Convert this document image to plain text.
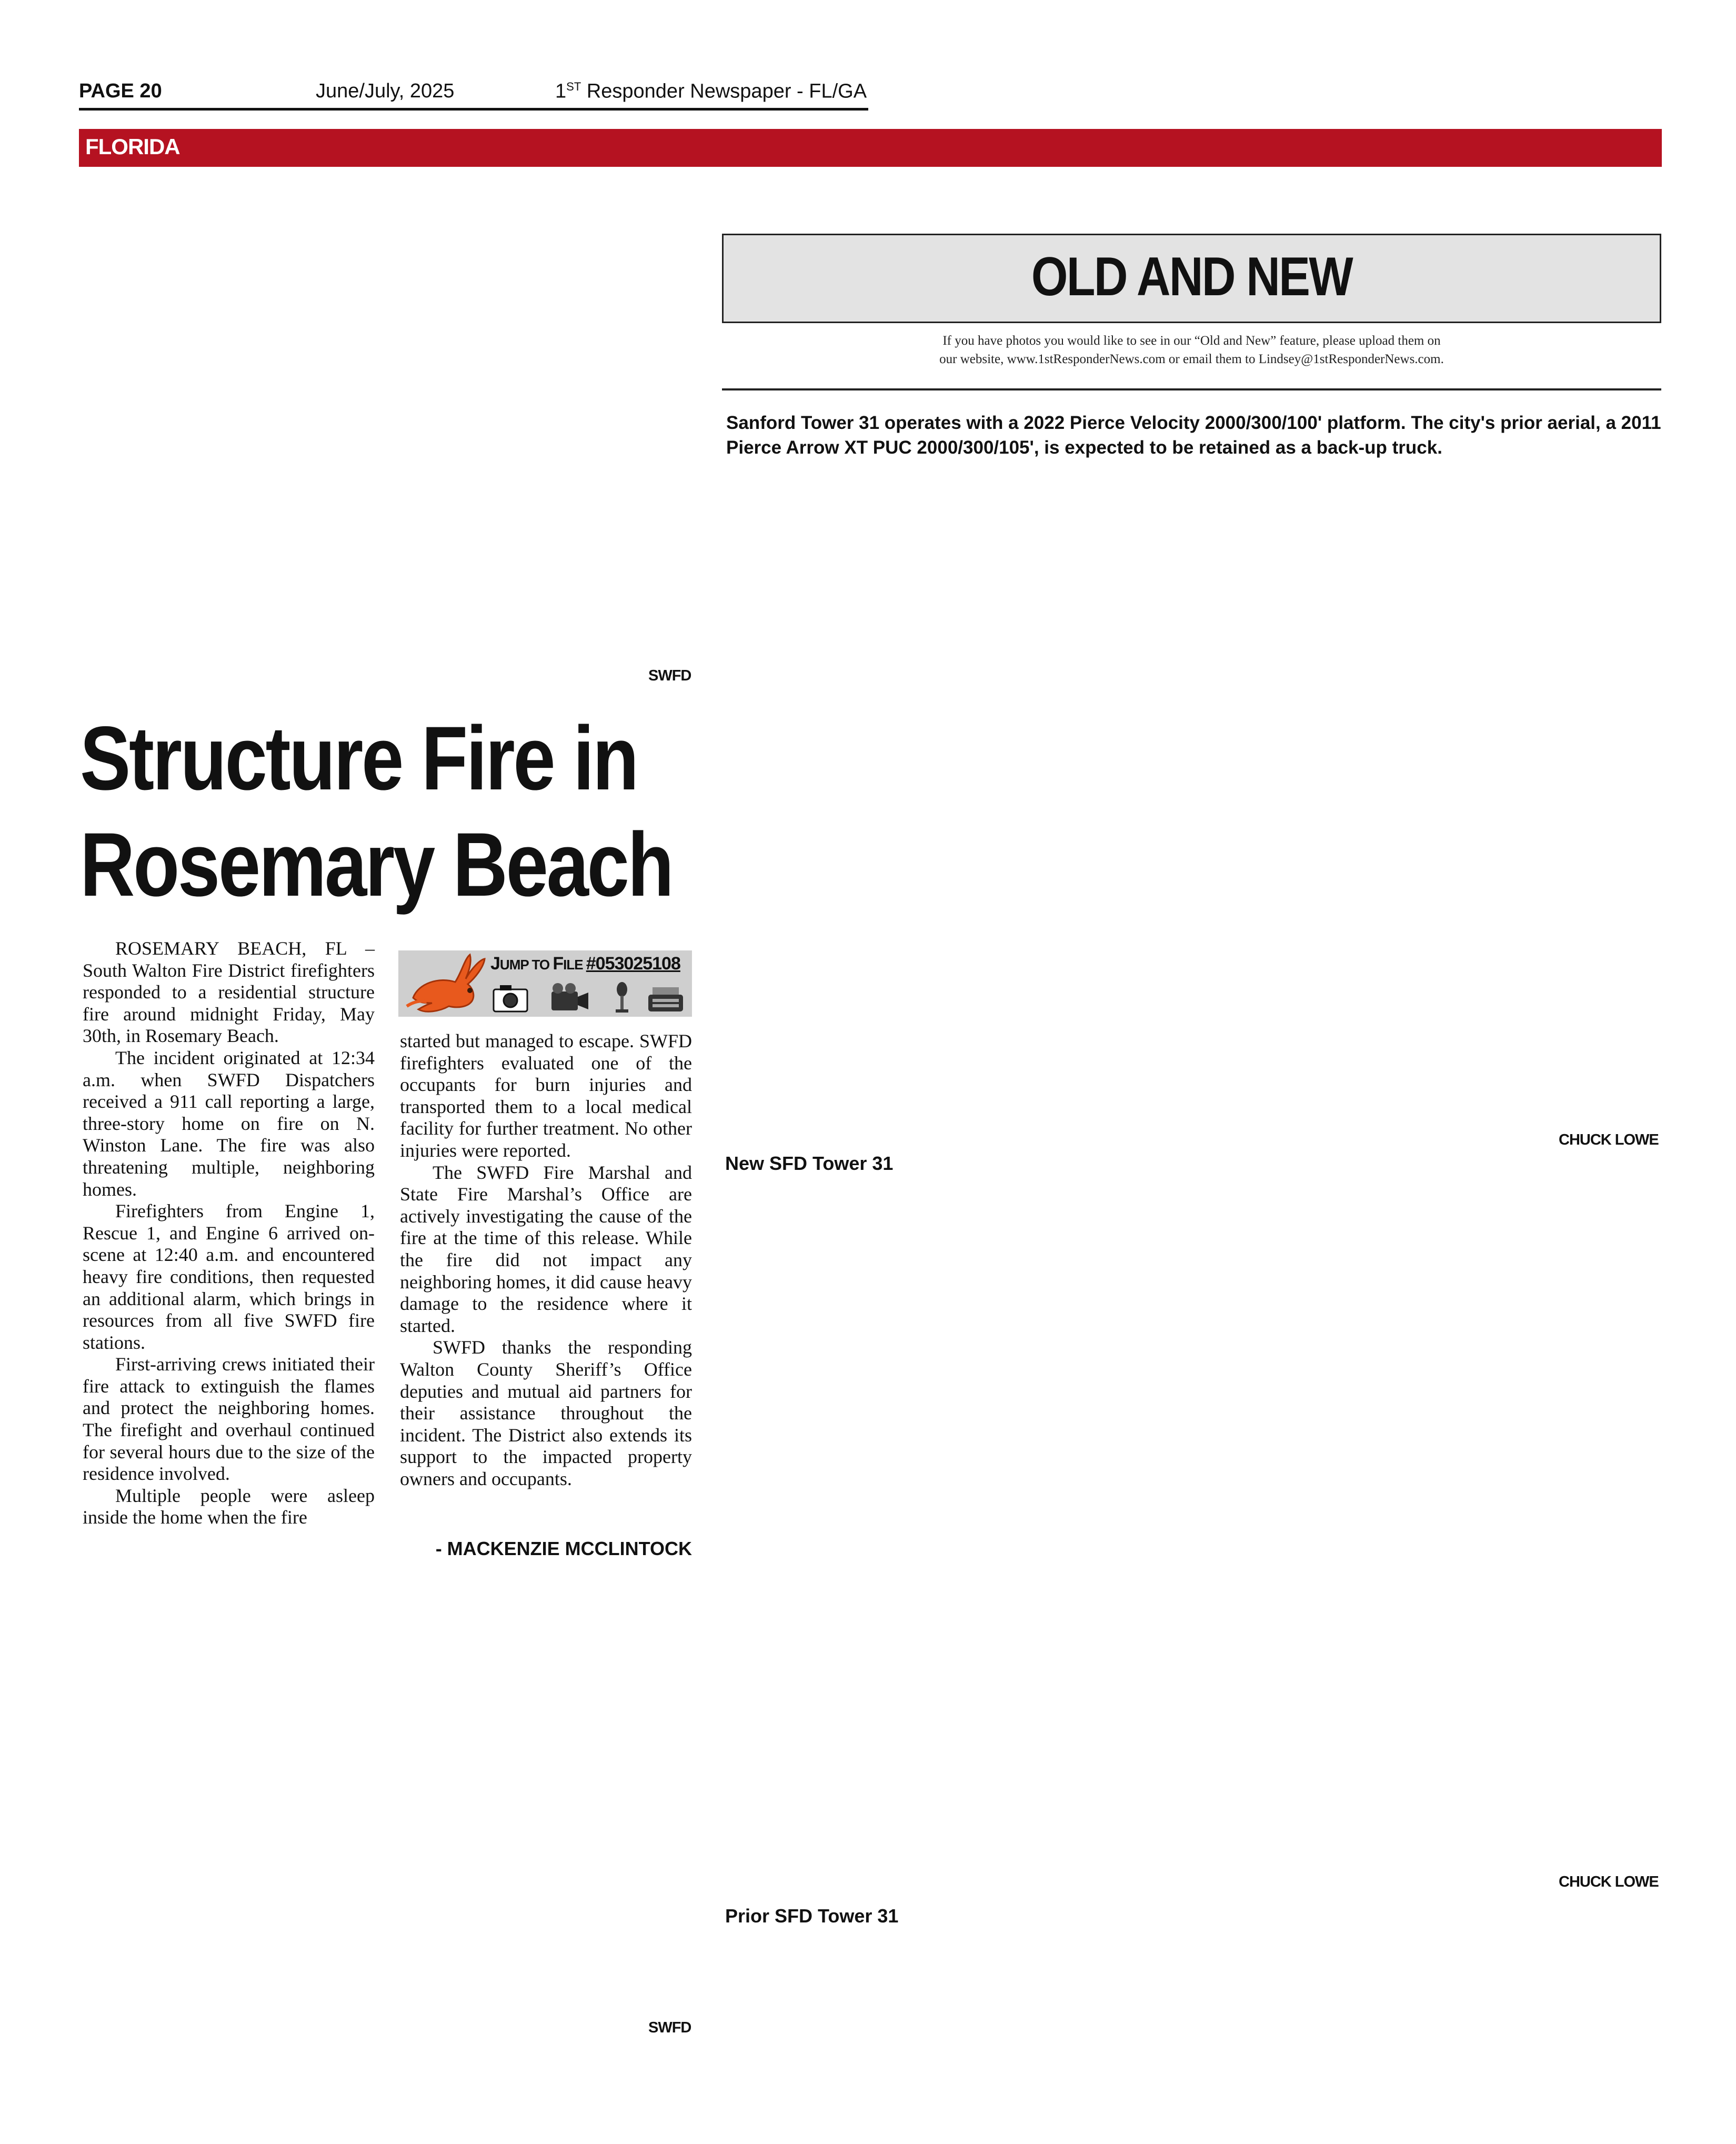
PAGE 20	June/July, 2025	1ST Responder Newspaper - FL/GA
FLORIDA
OLD AND NEW
If you have photos you would like to see in our “Old and New” feature, please upload them on
our website, www.1stResponderNews.com or email them to Lindsey@1stResponderNews.com.
Sanford Tower 31 operates with a 2022 Pierce Velocity 2000/300/100' platform. The city's prior aerial, a 2011 Pierce Arrow XT PUC 2000/300/105', is expected to be retained as a back-up truck.
SWFD
CHUCK LOWE
New SFD Tower 31
CHUCK LOWE
Prior SFD Tower 31
SWFD
Structure Fire in
Rosemary Beach

ROSEMARY BEACH, FL – South Walton Fire District firefighters responded to a residential structure fire around midnight Friday, May 30th, in Rosemary Beach.

The incident originated at 12:34 a.m. when SWFD Dispatchers received a 911 call reporting a large, three-story home on fire on N. Winston Lane. The fire was also threatening multiple, neighboring homes.

Firefighters from Engine 1, Rescue 1, and Engine 6 arrived on-scene at 12:40 a.m. and encountered heavy fire conditions, then requested an additional alarm, which brings in resources from all five SWFD fire stations.

First-arriving crews initiated their fire attack to extinguish the flames and protect the neighboring homes. The firefight and overhaul continued for several hours due to the size of the residence involved.

Multiple people were asleep inside the home when the fire

JUMP TO FILE #053025108

started but managed to escape. SWFD firefighters evaluated one of the occupants for burn injuries and transported them to a local medical facility for further treatment. No other injuries were reported.

The SWFD Fire Marshal and State Fire Marshal’s Office are actively investigating the cause of the fire at the time of this release. While the fire did not impact any neighboring homes, it did cause heavy damage to the residence where it started.

SWFD thanks the responding Walton County Sheriff’s Office deputies and mutual aid partners for their assistance throughout the incident. The District also extends its support to the impacted property owners and occupants.

- MACKENZIE MCCLINTOCK
